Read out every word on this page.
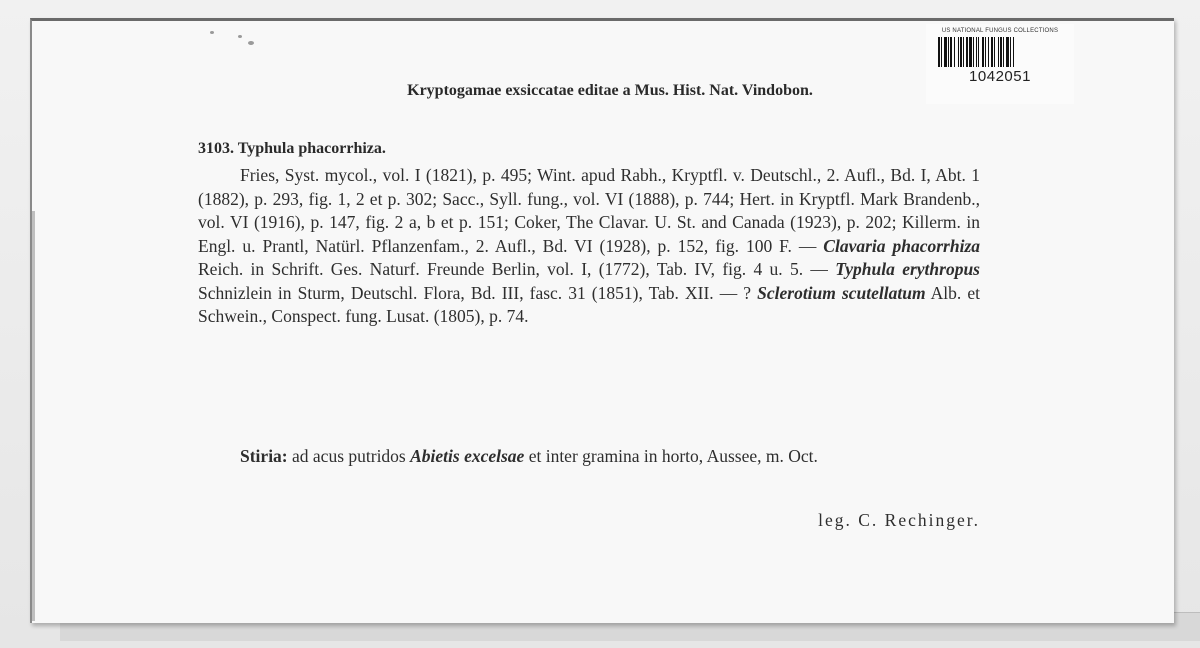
US NATIONAL FUNGUS COLLECTIONS
1042051
Kryptogamae exsiccatae editae a Mus. Hist. Nat. Vindobon.
3103. Typhula phacorrhiza.

Fries, Syst. mycol., vol. I (1821), p. 495; Wint. apud Rabh., Kryptfl. v. Deutschl., 2. Aufl., Bd. I, Abt. 1 (1882), p. 293, fig. 1, 2 et p. 302; Sacc., Syll. fung., vol. VI (1888), p. 744; Hert. in Kryptfl. Mark Brandenb., vol. VI (1916), p. 147, fig. 2 a, b et p. 151; Coker, The Clavar. U. St. and Canada (1923), p. 202; Killerm. in Engl. u. Prantl, Natürl. Pflanzenfam., 2. Aufl., Bd. VI (1928), p. 152, fig. 100 F. — Clavaria phacorrhiza Reich. in Schrift. Ges. Naturf. Freunde Berlin, vol. I, (1772), Tab. IV, fig. 4 u. 5. — Typhula erythropus Schnizlein in Sturm, Deutschl. Flora, Bd. III, fasc. 31 (1851), Tab. XII. — ? Sclerotium scutellatum Alb. et Schwein., Conspect. fung. Lusat. (1805), p. 74.

Stiria: ad acus putridos Abietis excelsae et inter gramina in horto, Aussee, m. Oct.
leg. C. Rechinger.
